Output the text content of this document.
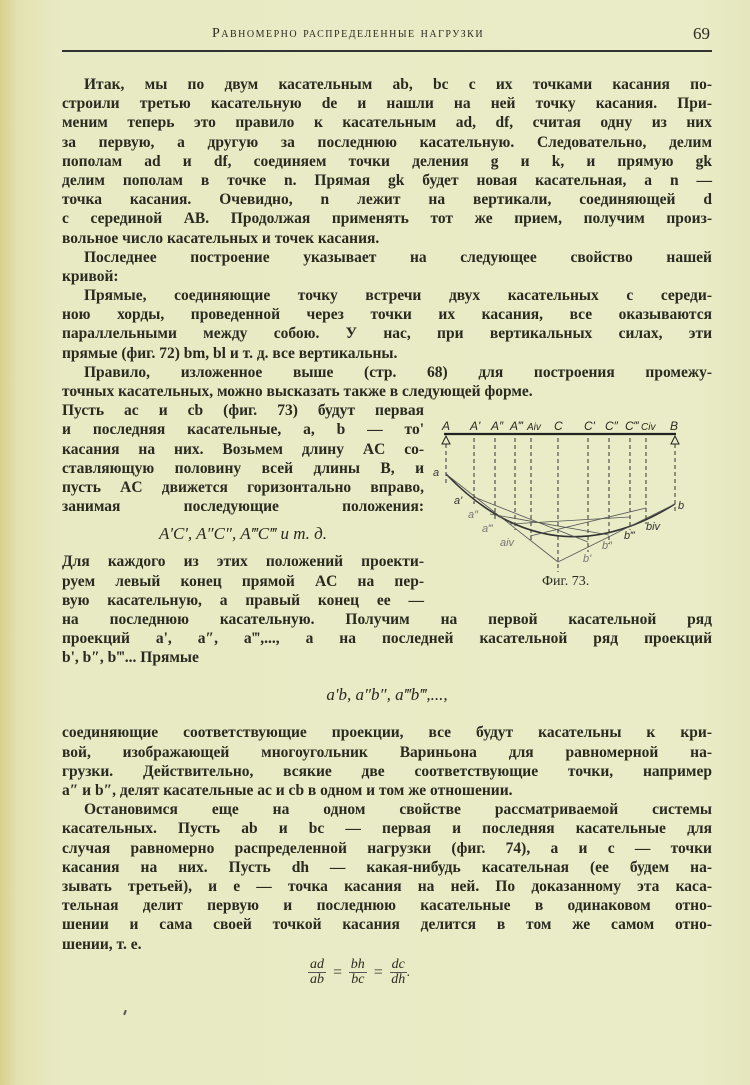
Равномерно распределенные нагрузки	69
Итак, мы по двум касательным ab, bc с их точками касания по-
строили третью касательную de и нашли на ней точку касания. При-
меним теперь это правило к касательным ad, df, считая одну из них
за первую, а другую за последнюю касательную. Следовательно, делим
пополам ad и df, соединяем точки деления g и k, и прямую gk
делим пополам в точке n. Прямая gk будет новая касательная, а n —
точка касания. Очевидно, n лежит на вертикали, соединяющей d
с серединой AB. Продолжая применять тот же прием, получим произ-
вольное число касательных и точек касания.
Последнее построение указывает на следующее свойство нашей
кривой:
Прямые, соединяющие точку встречи двух касательных с середи-
ною хорды, проведенной через точки их касания, все оказываются
параллельными между собою. У нас, при вертикальных силах, эти
прямые (фиг. 72) bm, bl и т. д. все вертикальны.
Правило, изложенное выше (стр. 68) для построения промежу-
точных касательных, можно высказать также в следующей форме.
Пусть ac и cb (фиг. 73) будут первая
и последняя касательные, a, b — то'
касания на них. Возьмем длину AC со-
ставляющую половину всей длины B, и
пусть AC движется горизонтально вправо,
занимая последующие положения:
A'C', A″C″, A‴C‴ и т. д.
Для каждого из этих положений проекти-
руем левый конец прямой AC на пер-
вую касательную, а правый конец ее —
на последнюю касательную. Получим на первой касательной ряд
проекций a', a″, a‴,..., а на последней касательной ряд проекций
b', b″, b‴... Прямые
a'b, a″b″, a‴b‴,...,
соединяющие соответствующие проекции, все будут касательны к кри-
вой, изображающей многоугольник Вариньона для равномерной на-
грузки. Действительно, всякие две соответствующие точки, например
a″ и b″, делят касательные ac и cb в одном и том же отношении.
Остановимся еще на одном свойстве рассматриваемой системы
касательных. Пусть ab и bc — первая и последняя касательные для
случая равномерно распределенной нагрузки (фиг. 74), a и c — точки
касания на них. Пусть dh — какая-нибудь касательная (ее будем на-
зывать третьей), и e — точка касания на ней. По доказанному эта каса-
тельная делит первую и последнюю касательные в одинаковом отно-
шении и сама своей точкой касания делится в том же самом отно-
шении, т. е.
$\frac{ad}{ab} = \frac{bh}{bc} = \frac{dc}{dh}$ .
A A' A″ A‴ Aiv C C' C″ C‴ Civ B
a
a'
a″
a‴
aiv
b
biv
b‴
b″
b'
Фиг. 73.
